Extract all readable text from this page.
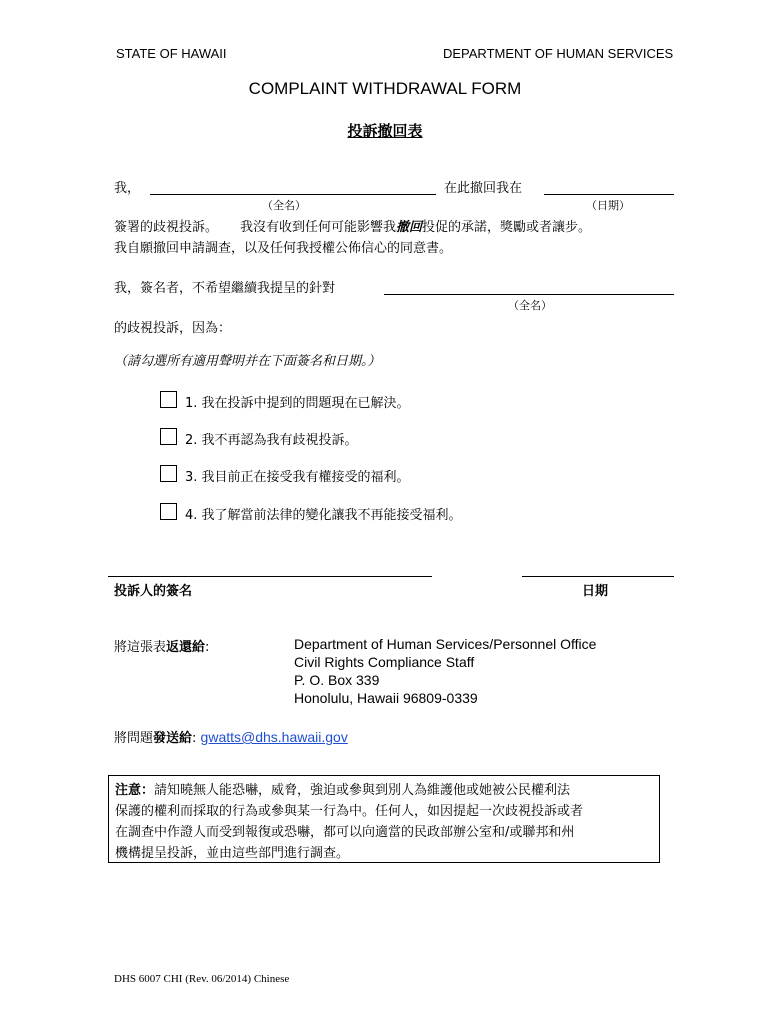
STATE OF HAWAII	DEPARTMENT OF HUMAN SERVICES
COMPLAINT WITHDRAWAL FORM
投訴撤回表
我，	在此撤回我在
（全名）	（日期）
簽署的歧視投訴。 我沒有收到任何可能影響我撤回投促的承諾，獎勵或者讓步。
我自願撤回申請調查，以及任何我授權公佈信心的同意書。
我，簽名者，不希望繼續我提呈的針對
（全名）
的歧視投訴，因為：
（請勾選所有適用聲明并在下面簽名和日期。）
1. 我在投訴中提到的問題現在已解決。
2. 我不再認為我有歧視投訴。
3. 我目前正在接受我有權接受的福利。
4. 我了解當前法律的變化讓我不再能接受福利。
投訴人的簽名	日期
將這張表返還給:	Department of Human Services/Personnel Office
Civil Rights Compliance Staff
P. O. Box 339
Honolulu, Hawaii 96809-0339
將問題發送給: gwatts@dhs.hawaii.gov
注意：請知曉無人能恐嚇，威脅，強迫或參與到別人為維護他或她被公民權利法
保護的權利而採取的行為或參與某一行為中。任何人，如因提起一次歧視投訴或者
在調查中作證人而受到報復或恐嚇，都可以向適當的民政部辦公室和/或聯邦和州
機構提呈投訴，並由這些部門進行調查。
DHS 6007 CHI (Rev. 06/2014) Chinese
